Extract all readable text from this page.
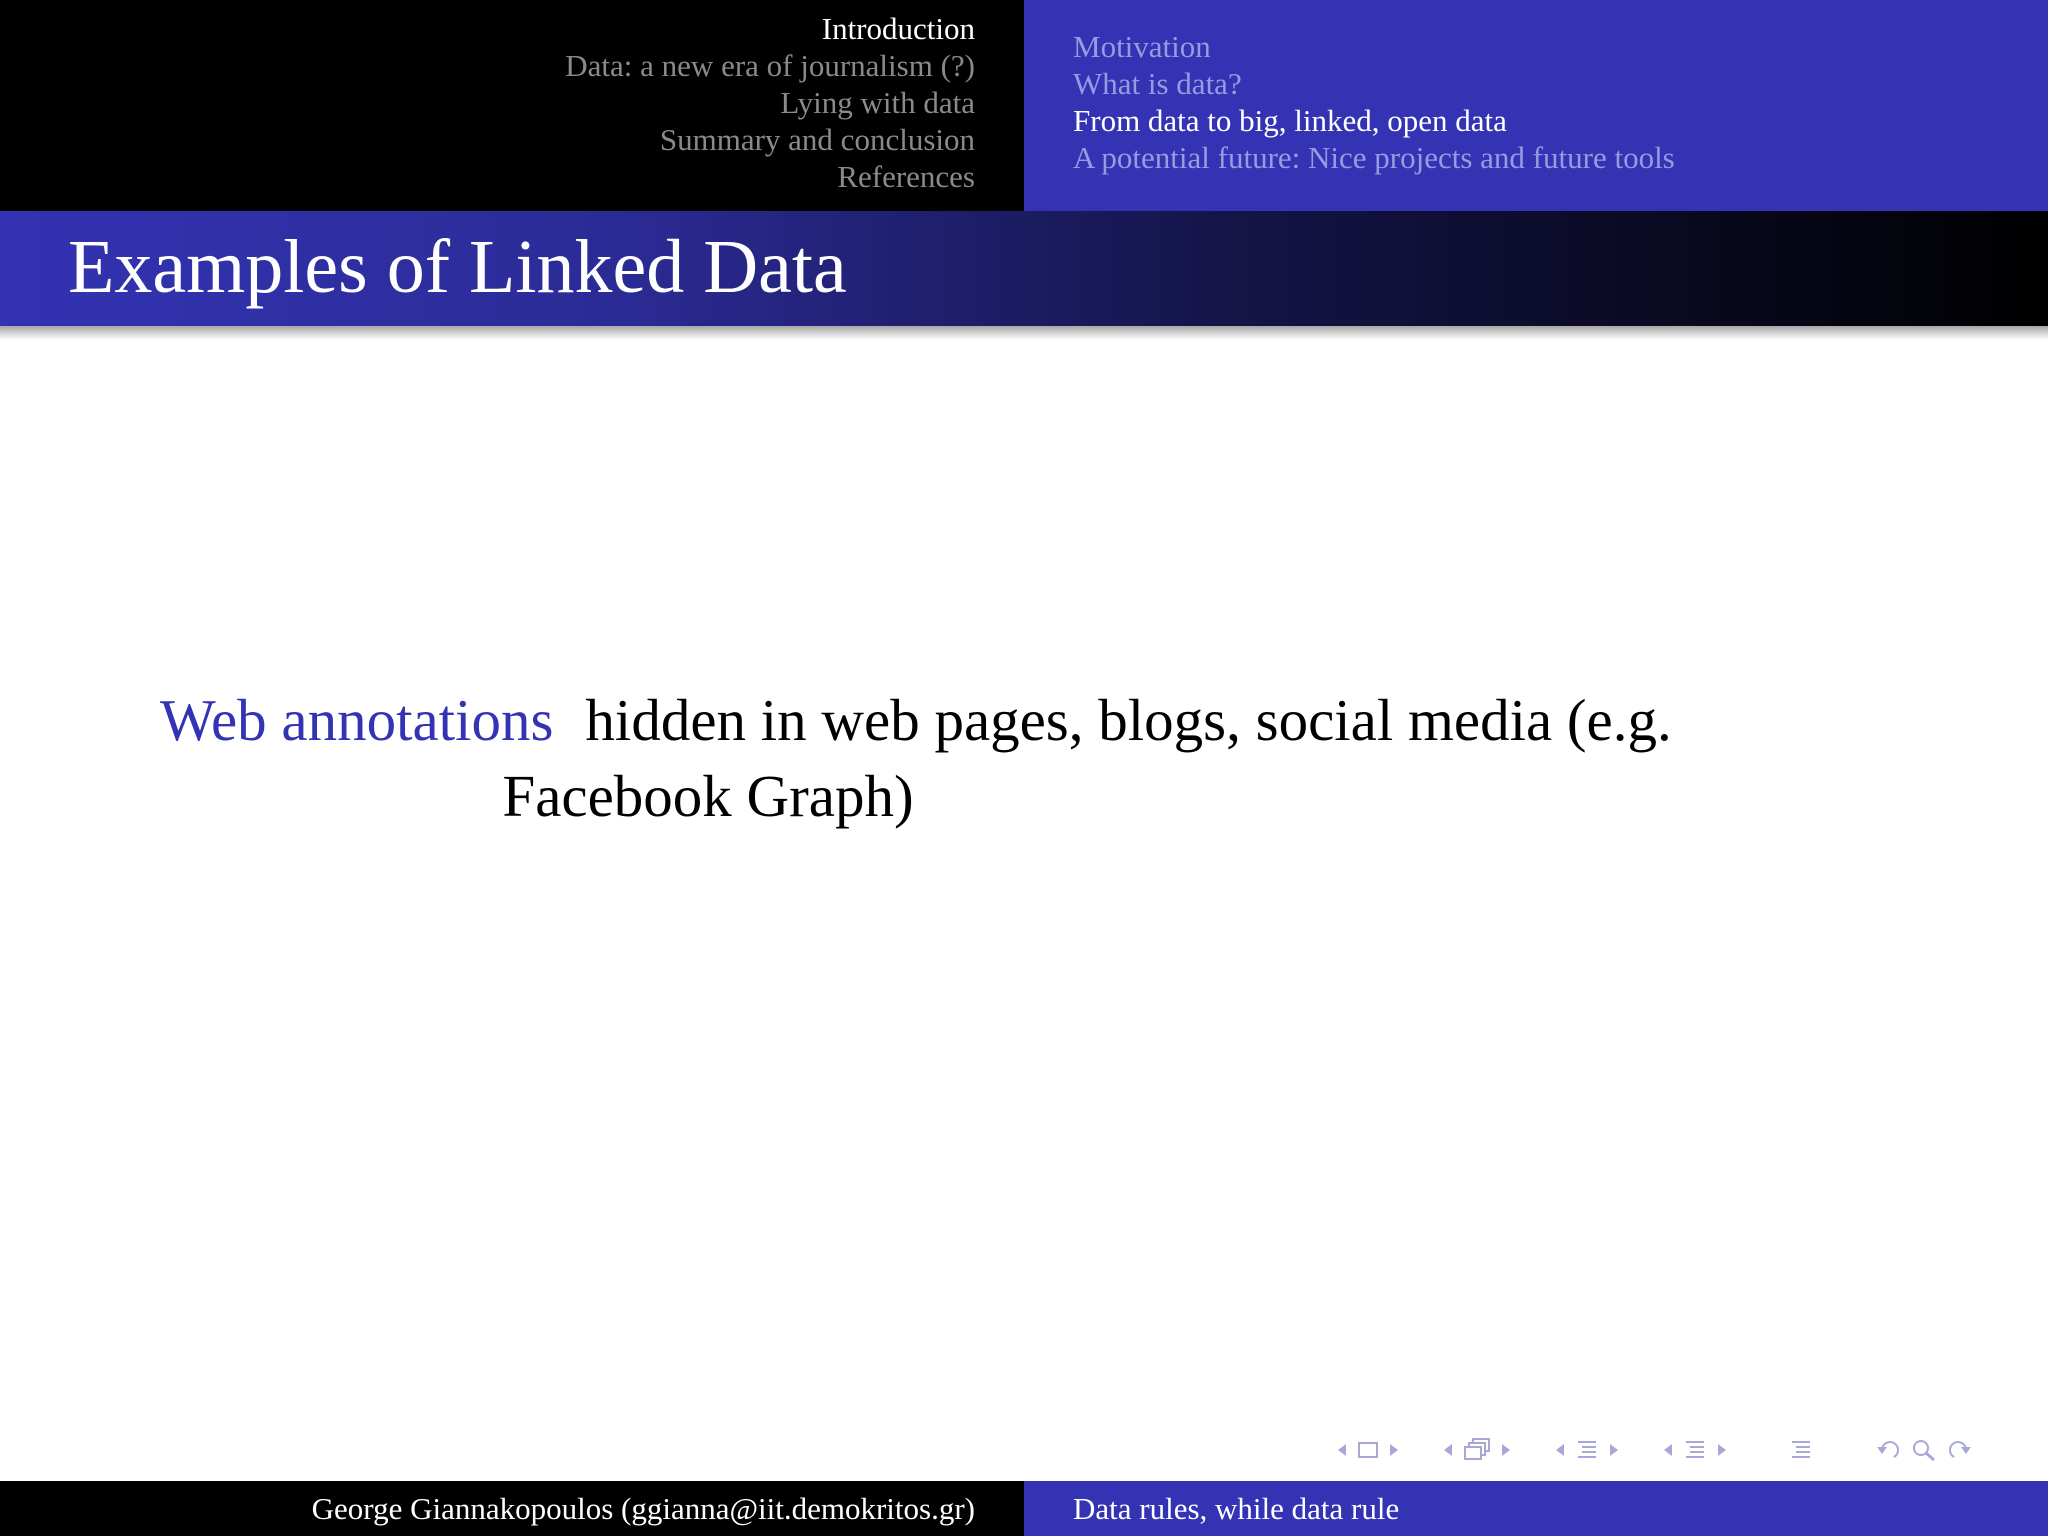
Introduction
Data: a new era of journalism (?)
Lying with data
Summary and conclusion
References
Motivation
What is data?
From data to big, linked, open data
A potential future: Nice projects and future tools
Examples of Linked Data
Web annotations hidden in web pages, blogs, social media (e.g.
Facebook Graph)
George Giannakopoulos (ggianna@iit.demokritos.gr)	Data rules, while data rule
